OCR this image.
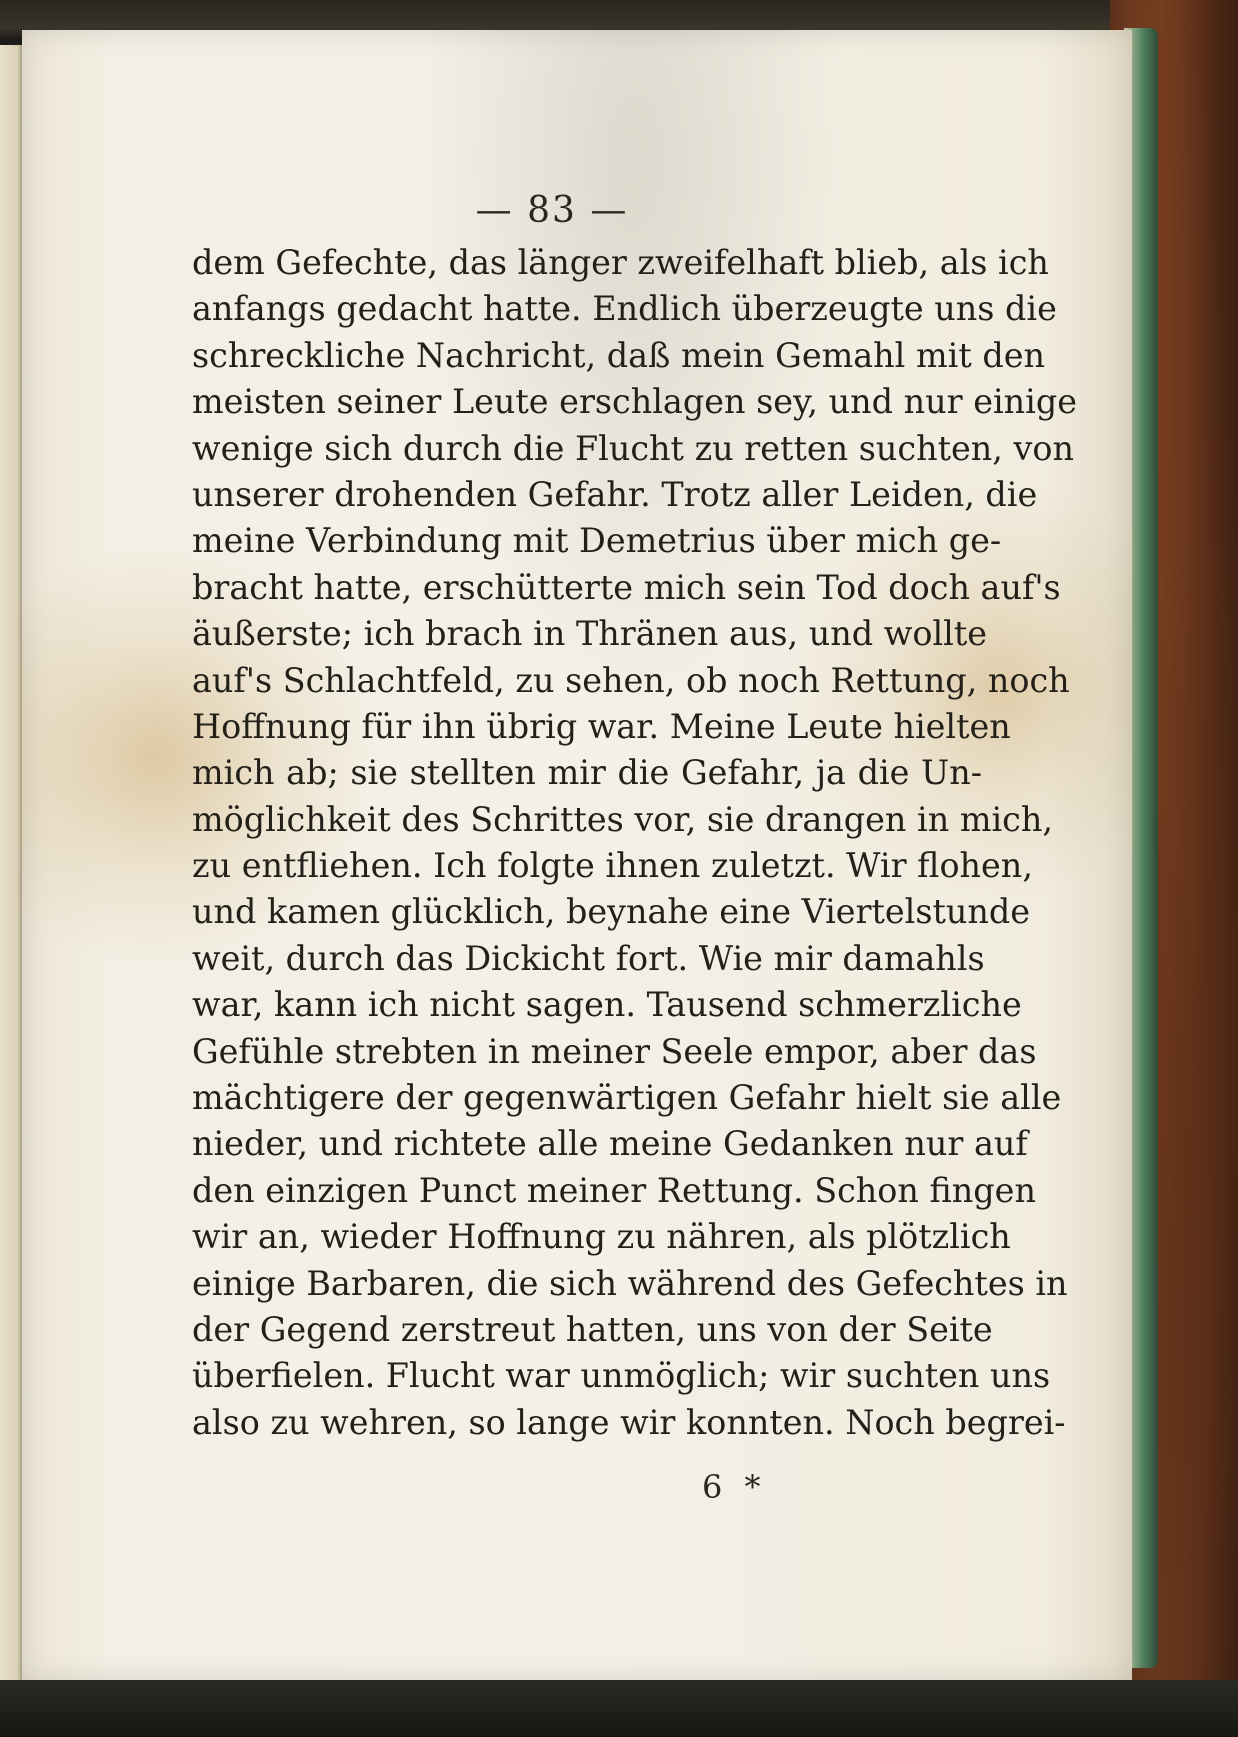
— 83 —
dem Gefechte, das länger zweifelhaft blieb, als ich
anfangs gedacht hatte. Endlich überzeugte uns die
schreckliche Nachricht, daß mein Gemahl mit den
meisten seiner Leute erschlagen sey, und nur einige
wenige sich durch die Flucht zu retten suchten, von
unserer drohenden Gefahr. Trotz aller Leiden, die
meine Verbindung mit Demetrius über mich ge-
bracht hatte, erschütterte mich sein Tod doch auf's
äußerste; ich brach in Thränen aus, und wollte
auf's Schlachtfeld, zu sehen, ob noch Rettung, noch
Hoffnung für ihn übrig war. Meine Leute hielten
mich ab; sie stellten mir die Gefahr, ja die Un-
möglichkeit des Schrittes vor, sie drangen in mich,
zu entfliehen. Ich folgte ihnen zuletzt. Wir flohen,
und kamen glücklich, beynahe eine Viertelstunde
weit, durch das Dickicht fort. Wie mir damahls
war, kann ich nicht sagen. Tausend schmerzliche
Gefühle strebten in meiner Seele empor, aber das
mächtigere der gegenwärtigen Gefahr hielt sie alle
nieder, und richtete alle meine Gedanken nur auf
den einzigen Punct meiner Rettung. Schon fingen
wir an, wieder Hoffnung zu nähren, als plötzlich
einige Barbaren, die sich während des Gefechtes in
der Gegend zerstreut hatten, uns von der Seite
überfielen. Flucht war unmöglich; wir suchten uns
also zu wehren, so lange wir konnten. Noch begrei-
6 *
